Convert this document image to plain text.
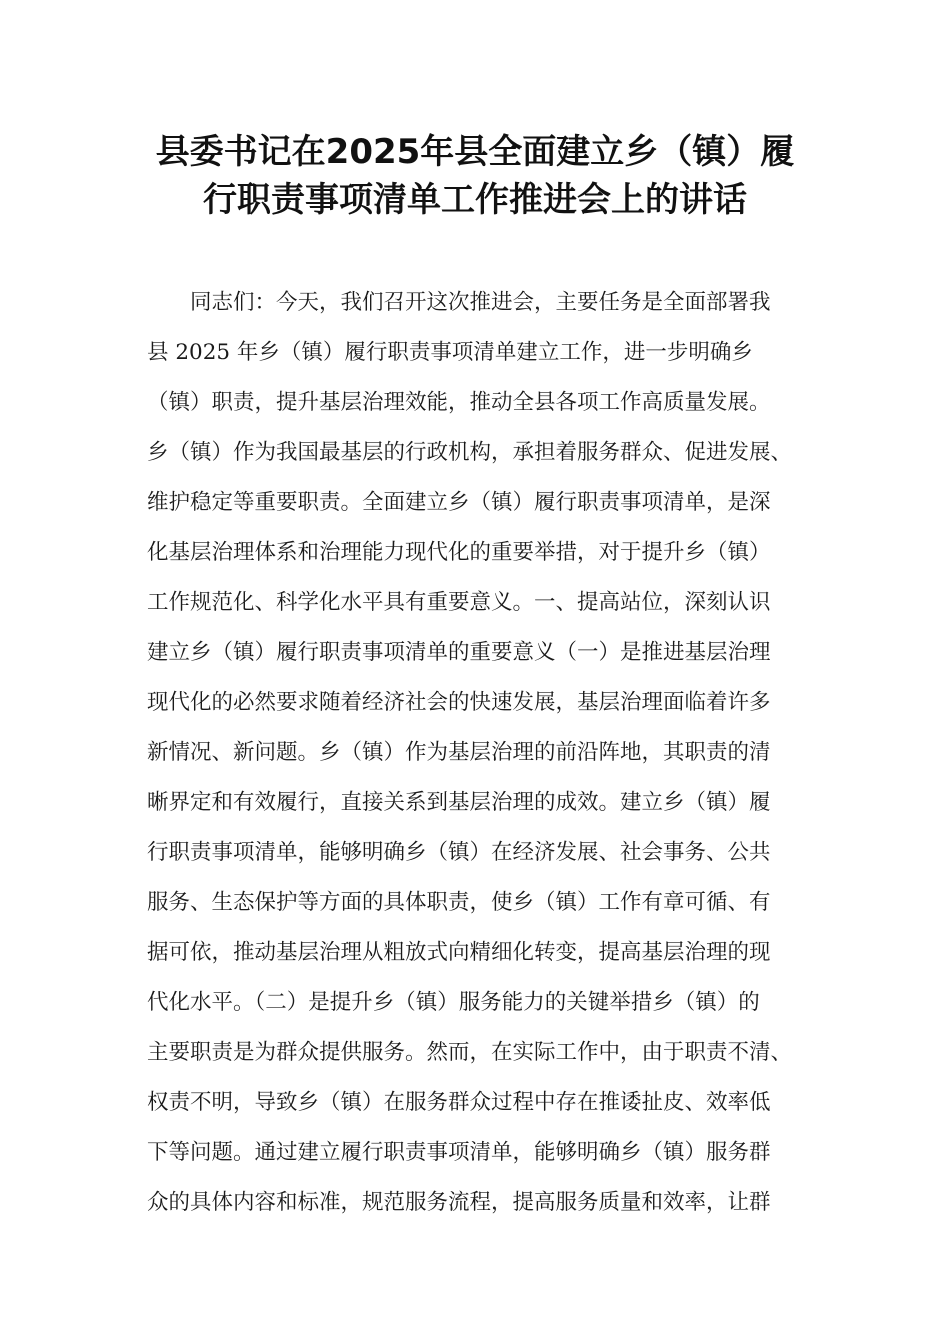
县委书记在2025年县全面建立乡（镇）履
行职责事项清单工作推进会上的讲话
同志们：今天，我们召开这次推进会，主要任务是全面部署我
县 2025 年乡（镇）履行职责事项清单建立工作，进一步明确乡
（镇）职责，提升基层治理效能，推动全县各项工作高质量发展。
乡（镇）作为我国最基层的行政机构，承担着服务群众、促进发展、
维护稳定等重要职责。全面建立乡（镇）履行职责事项清单，是深
化基层治理体系和治理能力现代化的重要举措，对于提升乡（镇）
工作规范化、科学化水平具有重要意义。一、提高站位，深刻认识
建立乡（镇）履行职责事项清单的重要意义（一）是推进基层治理
现代化的必然要求随着经济社会的快速发展，基层治理面临着许多
新情况、新问题。乡（镇）作为基层治理的前沿阵地，其职责的清
晰界定和有效履行，直接关系到基层治理的成效。建立乡（镇）履
行职责事项清单，能够明确乡（镇）在经济发展、社会事务、公共
服务、生态保护等方面的具体职责，使乡（镇）工作有章可循、有
据可依，推动基层治理从粗放式向精细化转变，提高基层治理的现
代化水平。（二）是提升乡（镇）服务能力的关键举措乡（镇）的
主要职责是为群众提供服务。然而，在实际工作中，由于职责不清、
权责不明，导致乡（镇）在服务群众过程中存在推诿扯皮、效率低
下等问题。通过建立履行职责事项清单，能够明确乡（镇）服务群
众的具体内容和标准，规范服务流程，提高服务质量和效率，让群
